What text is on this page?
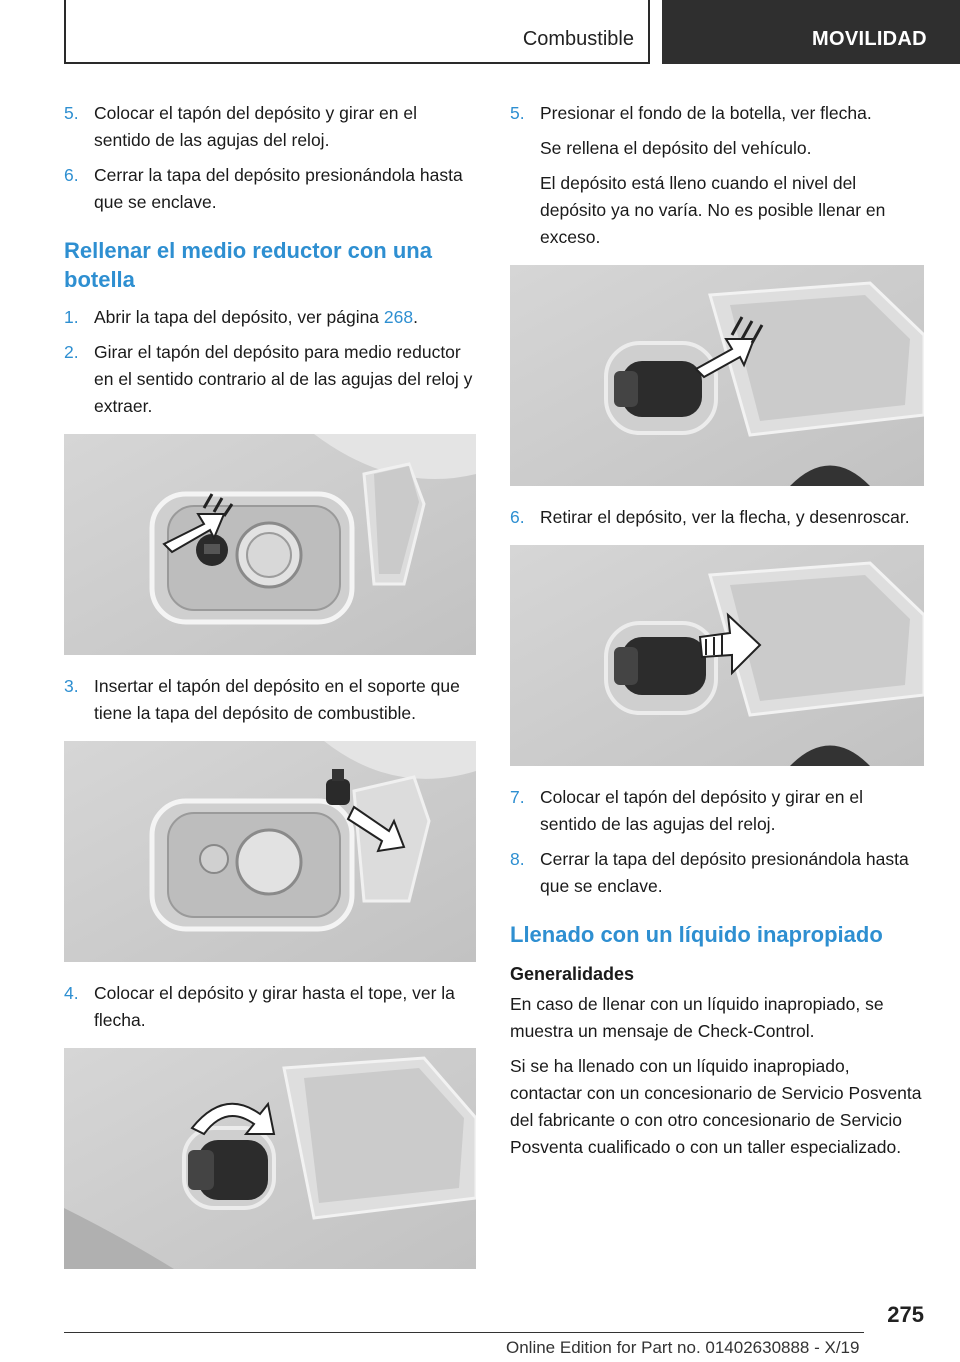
Combustible	MOVILIDAD
5. Colocar el tapón del depósito y girar en el sentido de las agujas del reloj.
6. Cerrar la tapa del depósito presionándola hasta que se enclave.
Rellenar el medio reductor con una botella
1. Abrir la tapa del depósito, ver página 268.
2. Girar el tapón del depósito para medio reductor en el sentido contrario al de las agujas del reloj y extraer.
3. Insertar el tapón del depósito en el soporte que tiene la tapa del depósito de combustible.
4. Colocar el depósito y girar hasta el tope, ver la flecha.
5. Presionar el fondo de la botella, ver flecha.

Se rellena el depósito del vehículo.

El depósito está lleno cuando el nivel del depósito ya no varía. No es posible llenar en exceso.

6. Retirar el depósito, ver la flecha, y desenroscar.
7. Colocar el tapón del depósito y girar en el sentido de las agujas del reloj.
8. Cerrar la tapa del depósito presionándola hasta que se enclave.
Llenado con un líquido inapropiado
Generalidades

En caso de llenar con un líquido inapropiado, se muestra un mensaje de Check-Control.

Si se ha llenado con un líquido inapropiado, contactar con un concesionario de Servicio Posventa del fabricante o con otro concesionario de Servicio Posventa cualificado o con un taller especializado.

275
Online Edition for Part no. 01402630888 - X/19
